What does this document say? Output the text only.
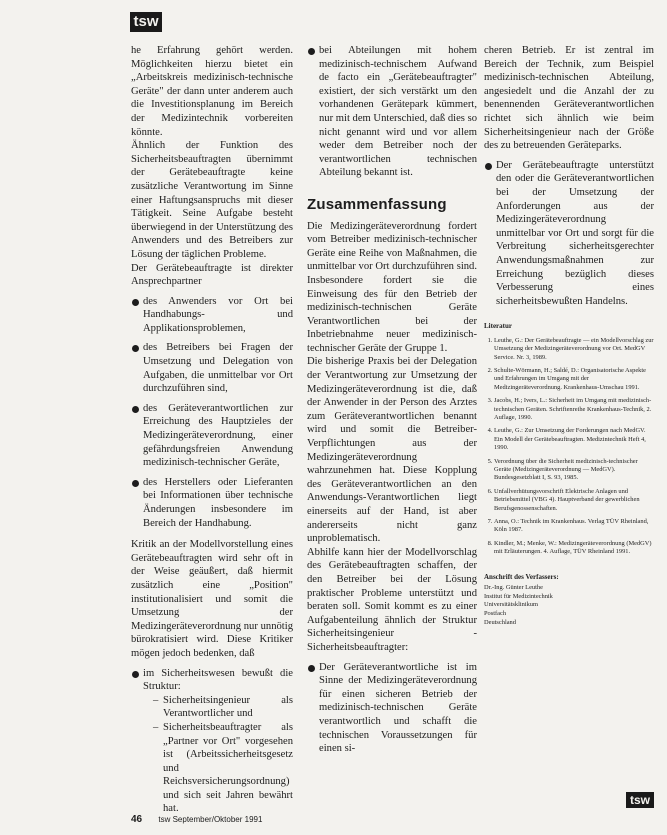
tsw

he Erfahrung gehört werden. Möglichkeiten hierzu bietet ein „Arbeitskreis medizinisch-technische Geräte" der dann unter anderem auch die Investitionsplanung im Bereich der Medizintechnik vorbereiten könnte.

Ähnlich der Funktion des Sicherheitsbeauftragten übernimmt der Gerätebeauftragte keine zusätzliche Verantwortung im Sinne einer Haftungsanspruchs mit dieser Tätigkeit. Seine Aufgabe besteht überwiegend in der Unterstützung des Anwenders und des Betreibers zur Lösung der täglichen Probleme.

Der Gerätebeauftragte ist direkter Ansprechpartner

des Anwenders vor Ort bei Handhabungs- und Applikationsproblemen,
des Betreibers bei Fragen der Umsetzung und Delegation von Aufgaben, die unmittelbar vor Ort durchzuführen sind,
des Geräteverantwortlichen zur Erreichung des Hauptzieles der Medizingeräteverordnung, einer gefährdungsfreien Anwendung medizinisch-technischer Geräte,
des Herstellers oder Lieferanten bei Informationen über technische Änderungen insbesondere im Bereich der Handhabung.

Kritik an der Modellvorstellung eines Gerätebeauftragten wird sehr oft in der Weise geäußert, daß hiermit zusätzlich eine „Position" institutionalisiert und somit die Umsetzung der Medizingeräteverordnung nur unnötig bürokratisiert wird. Diese Kritiker mögen jedoch bedenken, daß

im Sicherheitswesen bewußt die Struktur:
– Sicherheitsingenieur als Verantwortlicher und
– Sicherheitsbeauftragter als „Partner vor Ort" vorgesehen ist (Arbeitssicherheitsgesetz und Reichsversicherungsordnung) und sich seit Jahren bewährt hat.
bei Abteilungen mit hohem medizinisch-technischem Aufwand de facto ein „Gerätebeauftragter" existiert, der sich verstärkt um den vorhandenen Gerätepark kümmert, nur mit dem Unterschied, daß dies so nicht genannt wird und vor allem weder dem Betreiber noch der verantwortlichen technischen Abteilung bekannt ist.
Zusammenfassung

Die Medizingeräteverordnung fordert vom Betreiber medizinisch-technischer Geräte eine Reihe von Maßnahmen, die unmittelbar vor Ort durchzuführen sind. Insbesondere fordert sie die Einweisung des für den Betrieb der medizinisch-technischen Geräte Verantwortlichen bei der Inbetriebnahme neuer medizinisch-technischer Geräte der Gruppe 1.

Die bisherige Praxis bei der Delegation der Verantwortung zur Umsetzung der Medizingeräteverordnung ist die, daß der Anwender in der Person des Arztes zum Geräteverantwortlichen benannt wird und somit die Betreiber-Verpflichtungen aus der Medizingeräteverordnung wahrzunehmen hat. Diese Kopplung des Geräteverantwortlichen an den Anwendungs-Verantwortlichen liegt einerseits auf der Hand, ist aber andererseits nicht ganz unproblematisch.

Abhilfe kann hier der Modellvorschlag des Gerätebeauftragten schaffen, der den Betreiber bei der Lösung praktischer Probleme unterstützt und beraten soll. Somit kommt es zu einer Aufgabenteilung ähnlich der Struktur Sicherheitsingenieur - Sicherheitsbeauftragter:

Der Geräteverantwortliche ist im Sinne der Medizingeräteverordnung für einen sicheren Betrieb der medizinisch-technischen Geräte verantwortlich und schafft die technischen Voraussetzungen für einen si-

cheren Betrieb. Er ist zentral im Bereich der Technik, zum Beispiel medizinisch-technischen Abteilung, angesiedelt und die Anzahl der zu benennenden Geräteverantwortlichen richtet sich ähnlich wie beim Sicherheitsingenieur nach der Größe des zu betreuenden Geräteparks.

Der Gerätebeauftragte unterstützt den oder die Geräteverantwortlichen bei der Umsetzung der Anforderungen aus der Medizingeräteverordnung unmittelbar vor Ort und sorgt für die Verbreitung sicherheitsgerechter Anwendungsmaßnahmen zur Erreichung bezüglich dieses Verbesserung eines sicherheitsbewußten Handelns.
Literatur
1. Leuthe, G.: Der Gerätebeauftragte — ein Modellvorschlag zur Umsetzung der Medizingeräteverordnung vor Ort. MedGV Service. Nr. 3, 1989.
2. Schulte-Wörmann, H.; Saldé, D.: Organisatorische Aspekte und Erfahrungen im Umgang mit der Medizingeräteverordnung. Krankenhaus-Umschau 1991.
3. Jacobs, H.; Ivers, L.: Sicherheit im Umgang mit medizinisch-technischen Geräten. Schriftenreihe Krankenhaus-Technik, 2. Auflage, 1990.
4. Leuthe, G.: Zur Umsetzung der Forderungen nach MedGV. Ein Modell der Gerätebeauftragten. Medizintechnik Heft 4, 1990.
5. Verordnung über die Sicherheit medizinisch-technischer Geräte (Medizingeräteverordnung — MedGV). Bundesgesetzblatt I, S. 93, 1985.
6. Unfallverhütungsvorschrift Elektrische Anlagen und Betriebsmittel (VBG 4). Hauptverband der gewerblichen Berufsgenossenschaften.
7. Anna, O.: Technik im Krankenhaus. Verlag TÜV Rheinland, Köln 1987.
8. Kindler, M.; Menke, W.: Medizingeräteverordnung (MedGV) mit Erläuterungen. 4. Auflage, TÜV Rheinland 1991.
Anschrift des Verfassers:
Dr.-Ing. Günter Leuthe
Institut für Medizintechnik
Universitätsklinikum
Postfach
Deutschland
tsw
46 tsw September/Oktober 1991
